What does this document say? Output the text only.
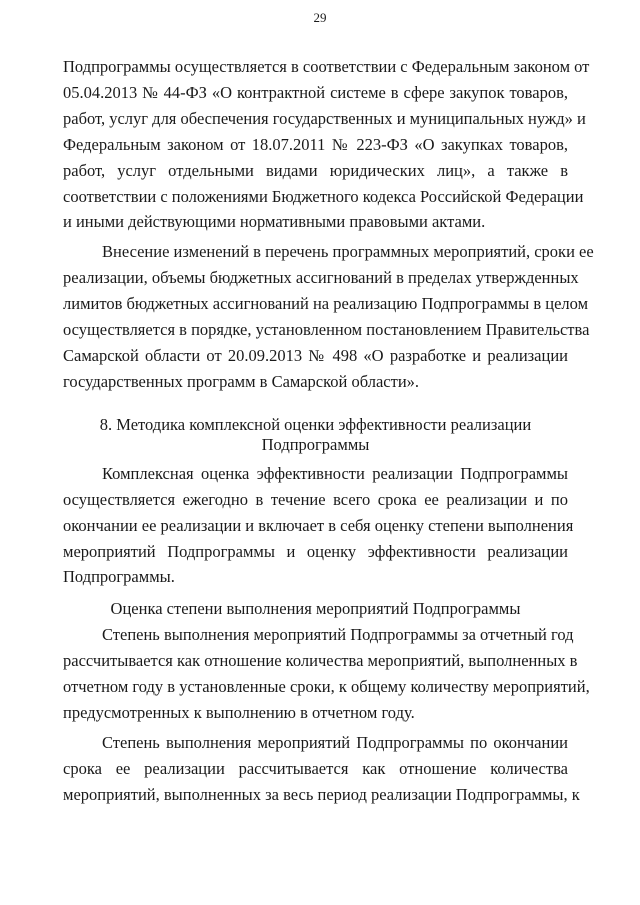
29

Подпрограммы осуществляется в соответствии с Федеральным законом от
05.04.2013 № 44-ФЗ «О контрактной системе в сфере закупок товаров,
работ, услуг для обеспечения государственных и муниципальных нужд» и
Федеральным законом от 18.07.2011 № 223-ФЗ «О закупках товаров,
работ, услуг отдельными видами юридических лиц», а также в
соответствии с положениями Бюджетного кодекса Российской Федерации
и иными действующими нормативными правовыми актами.

Внесение изменений в перечень программных мероприятий, сроки ее
реализации, объемы бюджетных ассигнований в пределах утвержденных
лимитов бюджетных ассигнований на реализацию Подпрограммы в целом
осуществляется в порядке, установленном постановлением Правительства
Самарской области от 20.09.2013 № 498 «О разработке и реализации
государственных программ в Самарской области».

8. Методика комплексной оценки эффективности реализации
Подпрограммы

Комплексная оценка эффективности реализации Подпрограммы
осуществляется ежегодно в течение всего срока ее реализации и по
окончании ее реализации и включает в себя оценку степени выполнения
мероприятий Подпрограммы и оценку эффективности реализации
Подпрограммы.

Оценка степени выполнения мероприятий Подпрограммы

Степень выполнения мероприятий Подпрограммы за отчетный год
рассчитывается как отношение количества мероприятий, выполненных в
отчетном году в установленные сроки, к общему количеству мероприятий,
предусмотренных к выполнению в отчетном году.

Степень выполнения мероприятий Подпрограммы по окончании
срока ее реализации рассчитывается как отношение количества
мероприятий, выполненных за весь период реализации Подпрограммы, к
